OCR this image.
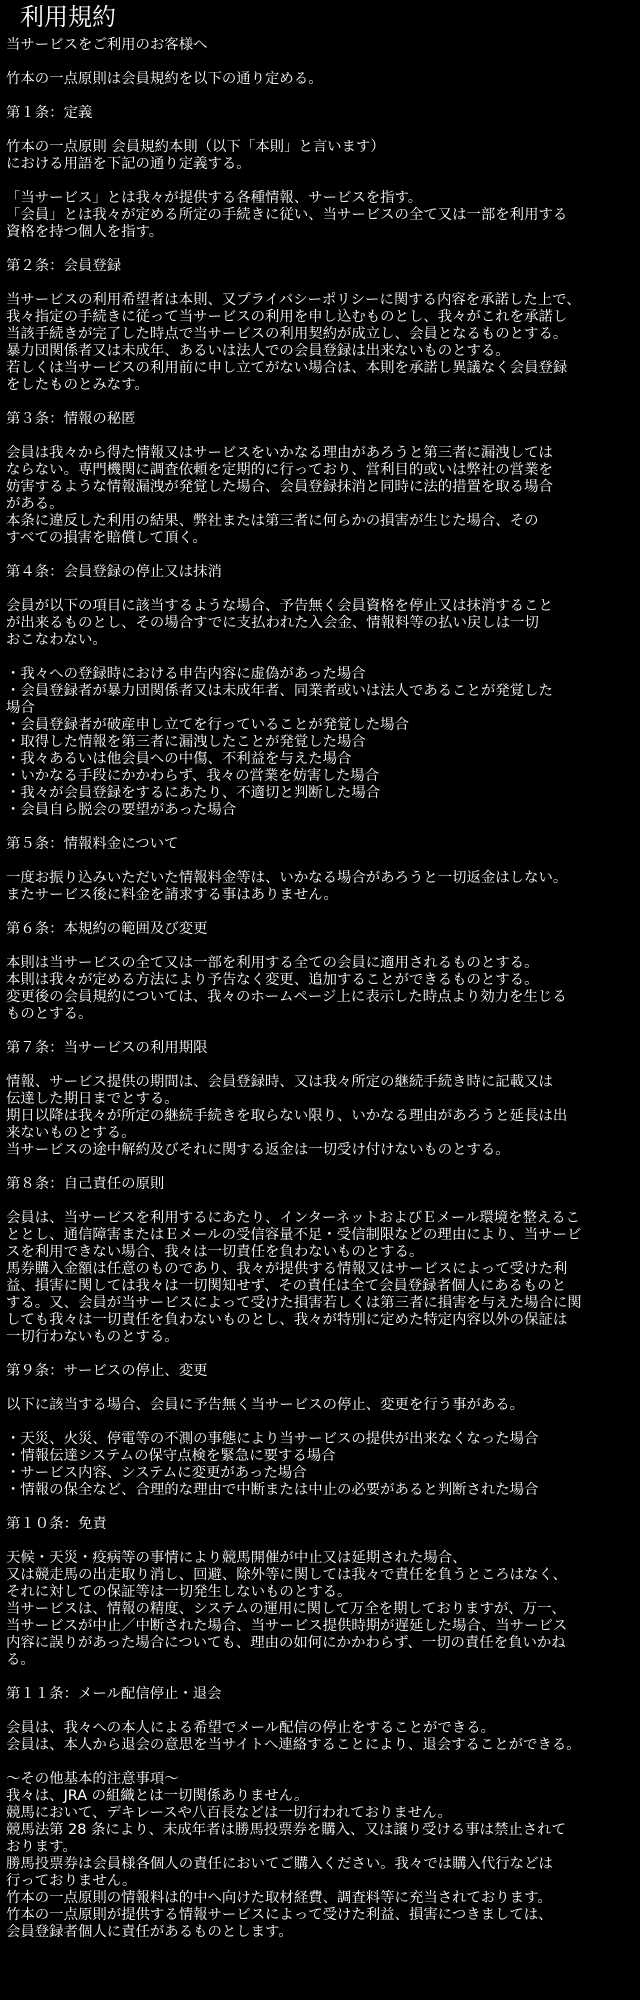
利用規約
当サービスをご利用のお客様へ
竹本の一点原則は会員規約を以下の通り定める。
第１条：定義
竹本の一点原則 会員規約本則（以下「本則」と言います）
における用語を下記の通り定義する。
「当サービス」とは我々が提供する各種情報、サービスを指す。
「会員」とは我々が定める所定の手続きに従い、当サービスの全て又は一部を利用する
資格を持つ個人を指す。
第２条：会員登録
当サービスの利用希望者は本則、又プライバシーポリシーに関する内容を承諾した上で、
我々指定の手続きに従って当サービスの利用を申し込むものとし、我々がこれを承諾し
当該手続きが完了した時点で当サービスの利用契約が成立し、会員となるものとする。
暴力団関係者又は未成年、あるいは法人での会員登録は出来ないものとする。
若しくは当サービスの利用前に申し立てがない場合は、本則を承諾し異議なく会員登録
をしたものとみなす。
第３条：情報の秘匿
会員は我々から得た情報又はサービスをいかなる理由があろうと第三者に漏洩しては
ならない。専門機関に調査依頼を定期的に行っており、営利目的或いは弊社の営業を
妨害するような情報漏洩が発覚した場合、会員登録抹消と同時に法的措置を取る場合
がある。
本条に違反した利用の結果、弊社または第三者に何らかの損害が生じた場合、その
すべての損害を賠償して頂く。
第４条：会員登録の停止又は抹消
会員が以下の項目に該当するような場合、予告無く会員資格を停止又は抹消すること
が出来るものとし、その場合すでに支払われた入会金、情報料等の払い戻しは一切
おこなわない。
・我々への登録時における申告内容に虚偽があった場合
・会員登録者が暴力団関係者又は未成年者、同業者或いは法人であることが発覚した
場合
・会員登録者が破産申し立てを行っていることが発覚した場合
・取得した情報を第三者に漏洩したことが発覚した場合
・我々あるいは他会員への中傷、不利益を与えた場合
・いかなる手段にかかわらず、我々の営業を妨害した場合
・我々が会員登録をするにあたり、不適切と判断した場合
・会員自ら脱会の要望があった場合
第５条：情報料金について
一度お振り込みいただいた情報料金等は、いかなる場合があろうと一切返金はしない。
またサービス後に料金を請求する事はありません。
第６条：本規約の範囲及び変更
本則は当サービスの全て又は一部を利用する全ての会員に適用されるものとする。
本則は我々が定める方法により予告なく変更、追加することができるものとする。
変更後の会員規約については、我々のホームページ上に表示した時点より効力を生じる
ものとする。
第７条：当サービスの利用期限
情報、サービス提供の期間は、会員登録時、又は我々所定の継続手続き時に記載又は
伝達した期日までとする。
期日以降は我々が所定の継続手続きを取らない限り、いかなる理由があろうと延長は出
来ないものとする。
当サービスの途中解約及びそれに関する返金は一切受け付けないものとする。
第８条：自己責任の原則
会員は、当サービスを利用するにあたり、インターネットおよびＥメール環境を整えるこ
ととし、通信障害またはＥメールの受信容量不足・受信制限などの理由により、当サービ
スを利用できない場合、我々は一切責任を負わないものとする。
馬券購入金額は任意のものであり、我々が提供する情報又はサービスによって受けた利
益、損害に関しては我々は一切関知せず、その責任は全て会員登録者個人にあるものと
する。又、会員が当サービスによって受けた損害若しくは第三者に損害を与えた場合に関
しても我々は一切責任を負わないものとし、我々が特別に定めた特定内容以外の保証は
一切行わないものとする。
第９条：サービスの停止、変更
以下に該当する場合、会員に予告無く当サービスの停止、変更を行う事がある。
・天災、火災、停電等の不測の事態により当サービスの提供が出来なくなった場合
・情報伝達システムの保守点検を緊急に要する場合
・サービス内容、システムに変更があった場合
・情報の保全など、合理的な理由で中断または中止の必要があると判断された場合
第１０条：免責
天候・天災・疫病等の事情により競馬開催が中止又は延期された場合、
又は競走馬の出走取り消し、回避、除外等に関しては我々で責任を負うところはなく、
それに対しての保証等は一切発生しないものとする。
当サービスは、情報の精度、システムの運用に関して万全を期しておりますが、万一、
当サービスが中止／中断された場合、当サービス提供時期が遅延した場合、当サービス
内容に誤りがあった場合についても、理由の如何にかかわらず、一切の責任を負いかね
る。
第１１条：メール配信停止・退会
会員は、我々への本人による希望でメール配信の停止をすることができる。
会員は、本人から退会の意思を当サイトへ連絡することにより、退会することができる。
～その他基本的注意事項～
我々は、JRA の組織とは一切関係ありません。
競馬において、デキレースや八百長などは一切行われておりません。
競馬法第 28 条により、未成年者は勝馬投票券を購入、又は譲り受ける事は禁止されて
おります。
勝馬投票券は会員様各個人の責任においてご購入ください。我々では購入代行などは
行っておりません。
竹本の一点原則の情報料は的中へ向けた取材経費、調査料等に充当されております。
竹本の一点原則が提供する情報サービスによって受けた利益、損害につきましては、
会員登録者個人に責任があるものとします。
